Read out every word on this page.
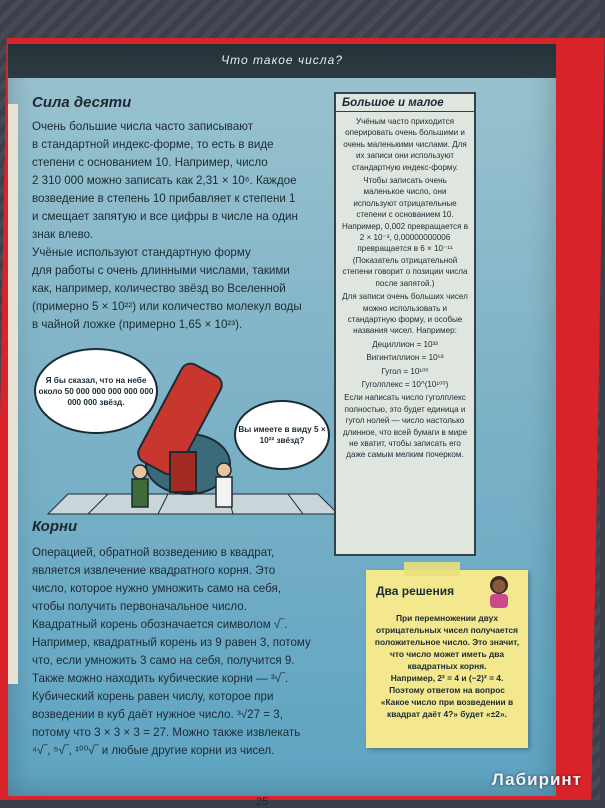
Что такое числа?
Сила десяти
Очень большие числа часто записывают
в стандартной индекс-форме, то есть в виде
степени с основанием 10. Например, число
2 310 000 можно записать как 2,31 × 10⁶. Каждое
возведение в степень 10 прибавляет к степени 1
и смещает запятую и все цифры в числе на один
знак влево.
Учёные используют стандартную форму
для работы с очень длинными числами, такими
как, например, количество звёзд во Вселенной
(примерно 5 × 10²²) или количество молекул воды
в чайной ложке (примерно 1,65 × 10²³).
Я бы сказал, что на небе около 50 000 000 000 000 000 000 000 звёзд.
Вы имеете в виду 5 × 10²² звёзд?
Корни
Операцией, обратной возведению в квадрат,
является извлечение квадратного корня. Это
число, которое нужно умножить само на себя,
чтобы получить первоначальное число.
Квадратный корень обозначается символом √‾.
Например, квадратный корень из 9 равен 3, потому
что, если умножить 3 само на себя, получится 9.
Также можно находить кубические корни — ³√‾.
Кубический корень равен числу, которое при
возведении в куб даёт нужное число. ³√27 = 3,
потому что 3 × 3 × 3 = 27. Можно также извлекать
⁴√‾, ⁵√‾, ¹⁰⁰√‾ и любые другие корни из чисел.
Большое и малое

Учёным часто приходится оперировать очень большими и очень маленькими числами. Для их записи они используют стандартную индекс-форму.

Чтобы записать очень маленькое число, они используют отрицательные степени с основанием 10. Например, 0,002 превращается в 2 × 10⁻³, 0,00000000006 превращается в 6 × 10⁻¹¹ (Показатель отрицательной степени говорит о позиции числа после запятой.)

Для записи очень больших чисел можно использовать и стандартную форму, и особые названия чисел. Например:

Дециллион = 10³³

Вигинтиллион = 10⁶³

Гугол = 10¹⁰⁰

Гуголплекс = 10^(10¹⁰⁰)

Если написать число гуголплекс полностью, это будет единица и гугол нолей — число настолько длинное, что всей бумаги в мире не хватит, чтобы записать его даже самым мелким почерком.

Два решения
При перемножении двух отрицательных чисел получается положительное число. Это значит, что число может иметь два квадратных корня.
Например, 2² = 4 и (−2)² = 4. Поэтому ответом на вопрос «Какое число при возведении в квадрат даёт 4?» будет «±2».
25
Лабиринт
